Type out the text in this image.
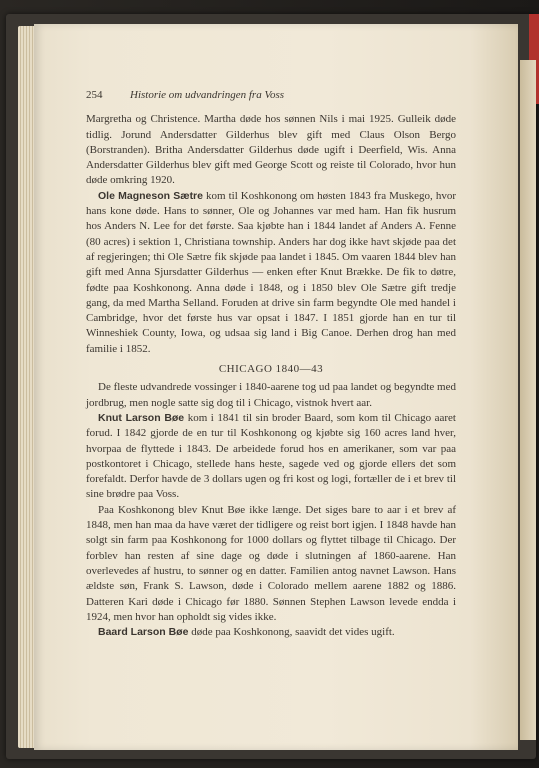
254	Historie om udvandringen fra Voss

Margretha og Christence. Martha døde hos sønnen Nils i mai 1925. Gulleik døde tidlig. Jorund Andersdatter Gilderhus blev gift med Claus Olson Bergo (Borstranden). Britha Andersdatter Gilderhus døde ugift i Deerfield, Wis. Anna Andersdatter Gilderhus blev gift med George Scott og reiste til Colorado, hvor hun døde omkring 1920.

Ole Magneson Sætre kom til Koshkonong om høsten 1843 fra Muskego, hvor hans kone døde. Hans to sønner, Ole og Johannes var med ham. Han fik husrum hos Anders N. Lee for det første. Saa kjøbte han i 1844 landet af Anders A. Fenne (80 acres) i sektion 1, Christiana township. Anders har dog ikke havt skjøde paa det af regjeringen; thi Ole Sætre fik skjøde paa landet i 1845. Om vaaren 1844 blev han gift med Anna Sjursdatter Gilderhus — enken efter Knut Brække. De fik to døtre, fødte paa Koshkonong. Anna døde i 1848, og i 1850 blev Ole Sætre gift tredje gang, da med Martha Selland. Foruden at drive sin farm begyndte Ole med handel i Cambridge, hvor det første hus var opsat i 1847. I 1851 gjorde han en tur til Winneshiek County, Iowa, og udsaa sig land i Big Canoe. Derhen drog han med familie i 1852.

CHICAGO 1840—43

De fleste udvandrede vossinger i 1840-aarene tog ud paa landet og begyndte med jordbrug, men nogle satte sig dog til i Chicago, vistnok hvert aar.

Knut Larson Bøe kom i 1841 til sin broder Baard, som kom til Chicago aaret forud. I 1842 gjorde de en tur til Koshkonong og kjøbte sig 160 acres land hver, hvorpaa de flyttede i 1843. De arbeidede forud hos en amerikaner, som var paa postkontoret i Chicago, stellede hans heste, sagede ved og gjorde ellers det som forefaldt. Derfor havde de 3 dollars ugen og fri kost og logi, fortæller de i et brev til sine brødre paa Voss.

Paa Koshkonong blev Knut Bøe ikke længe. Det siges bare to aar i et brev af 1848, men han maa da have været der tidligere og reist bort igjen. I 1848 havde han solgt sin farm paa Koshkonong for 1000 dollars og flyttet tilbage til Chicago. Der forblev han resten af sine dage og døde i slutningen af 1860-aarene. Han overlevedes af hustru, to sønner og en datter. Familien antog navnet Lawson. Hans ældste søn, Frank S. Lawson, døde i Colorado mellem aarene 1882 og 1886. Datteren Kari døde i Chicago før 1880. Sønnen Stephen Lawson levede endda i 1924, men hvor han opholdt sig vides ikke.

Baard Larson Bøe døde paa Koshkonong, saavidt det vides ugift.
